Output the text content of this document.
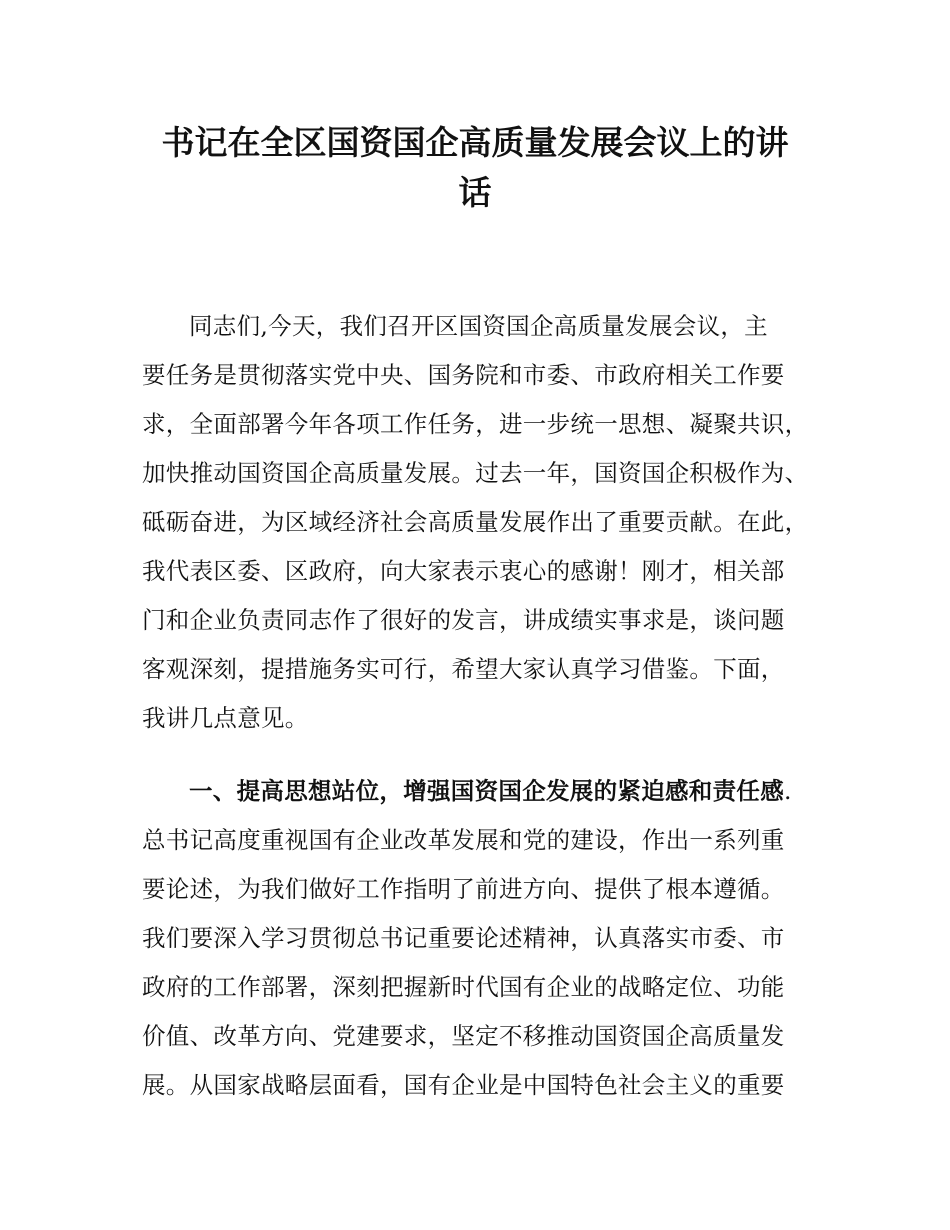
书记在全区国资国企高质量发展会议上的讲
话
同志们,今天，我们召开区国资国企高质量发展会议，主
要任务是贯彻落实党中央、国务院和市委、市政府相关工作要
求，全面部署今年各项工作任务，进一步统一思想、凝聚共识，
加快推动国资国企高质量发展。过去一年，国资国企积极作为、
砥砺奋进，为区域经济社会高质量发展作出了重要贡献。在此，
我代表区委、区政府，向大家表示衷心的感谢！刚才，相关部
门和企业负责同志作了很好的发言，讲成绩实事求是，谈问题
客观深刻，提措施务实可行，希望大家认真学习借鉴。下面，
我讲几点意见。
一、提高思想站位，增强国资国企发展的紧迫感和责任感.
总书记高度重视国有企业改革发展和党的建设，作出一系列重
要论述，为我们做好工作指明了前进方向、提供了根本遵循。
我们要深入学习贯彻总书记重要论述精神，认真落实市委、市
政府的工作部署，深刻把握新时代国有企业的战略定位、功能
价值、改革方向、党建要求，坚定不移推动国资国企高质量发
展。从国家战略层面看，国有企业是中国特色社会主义的重要
